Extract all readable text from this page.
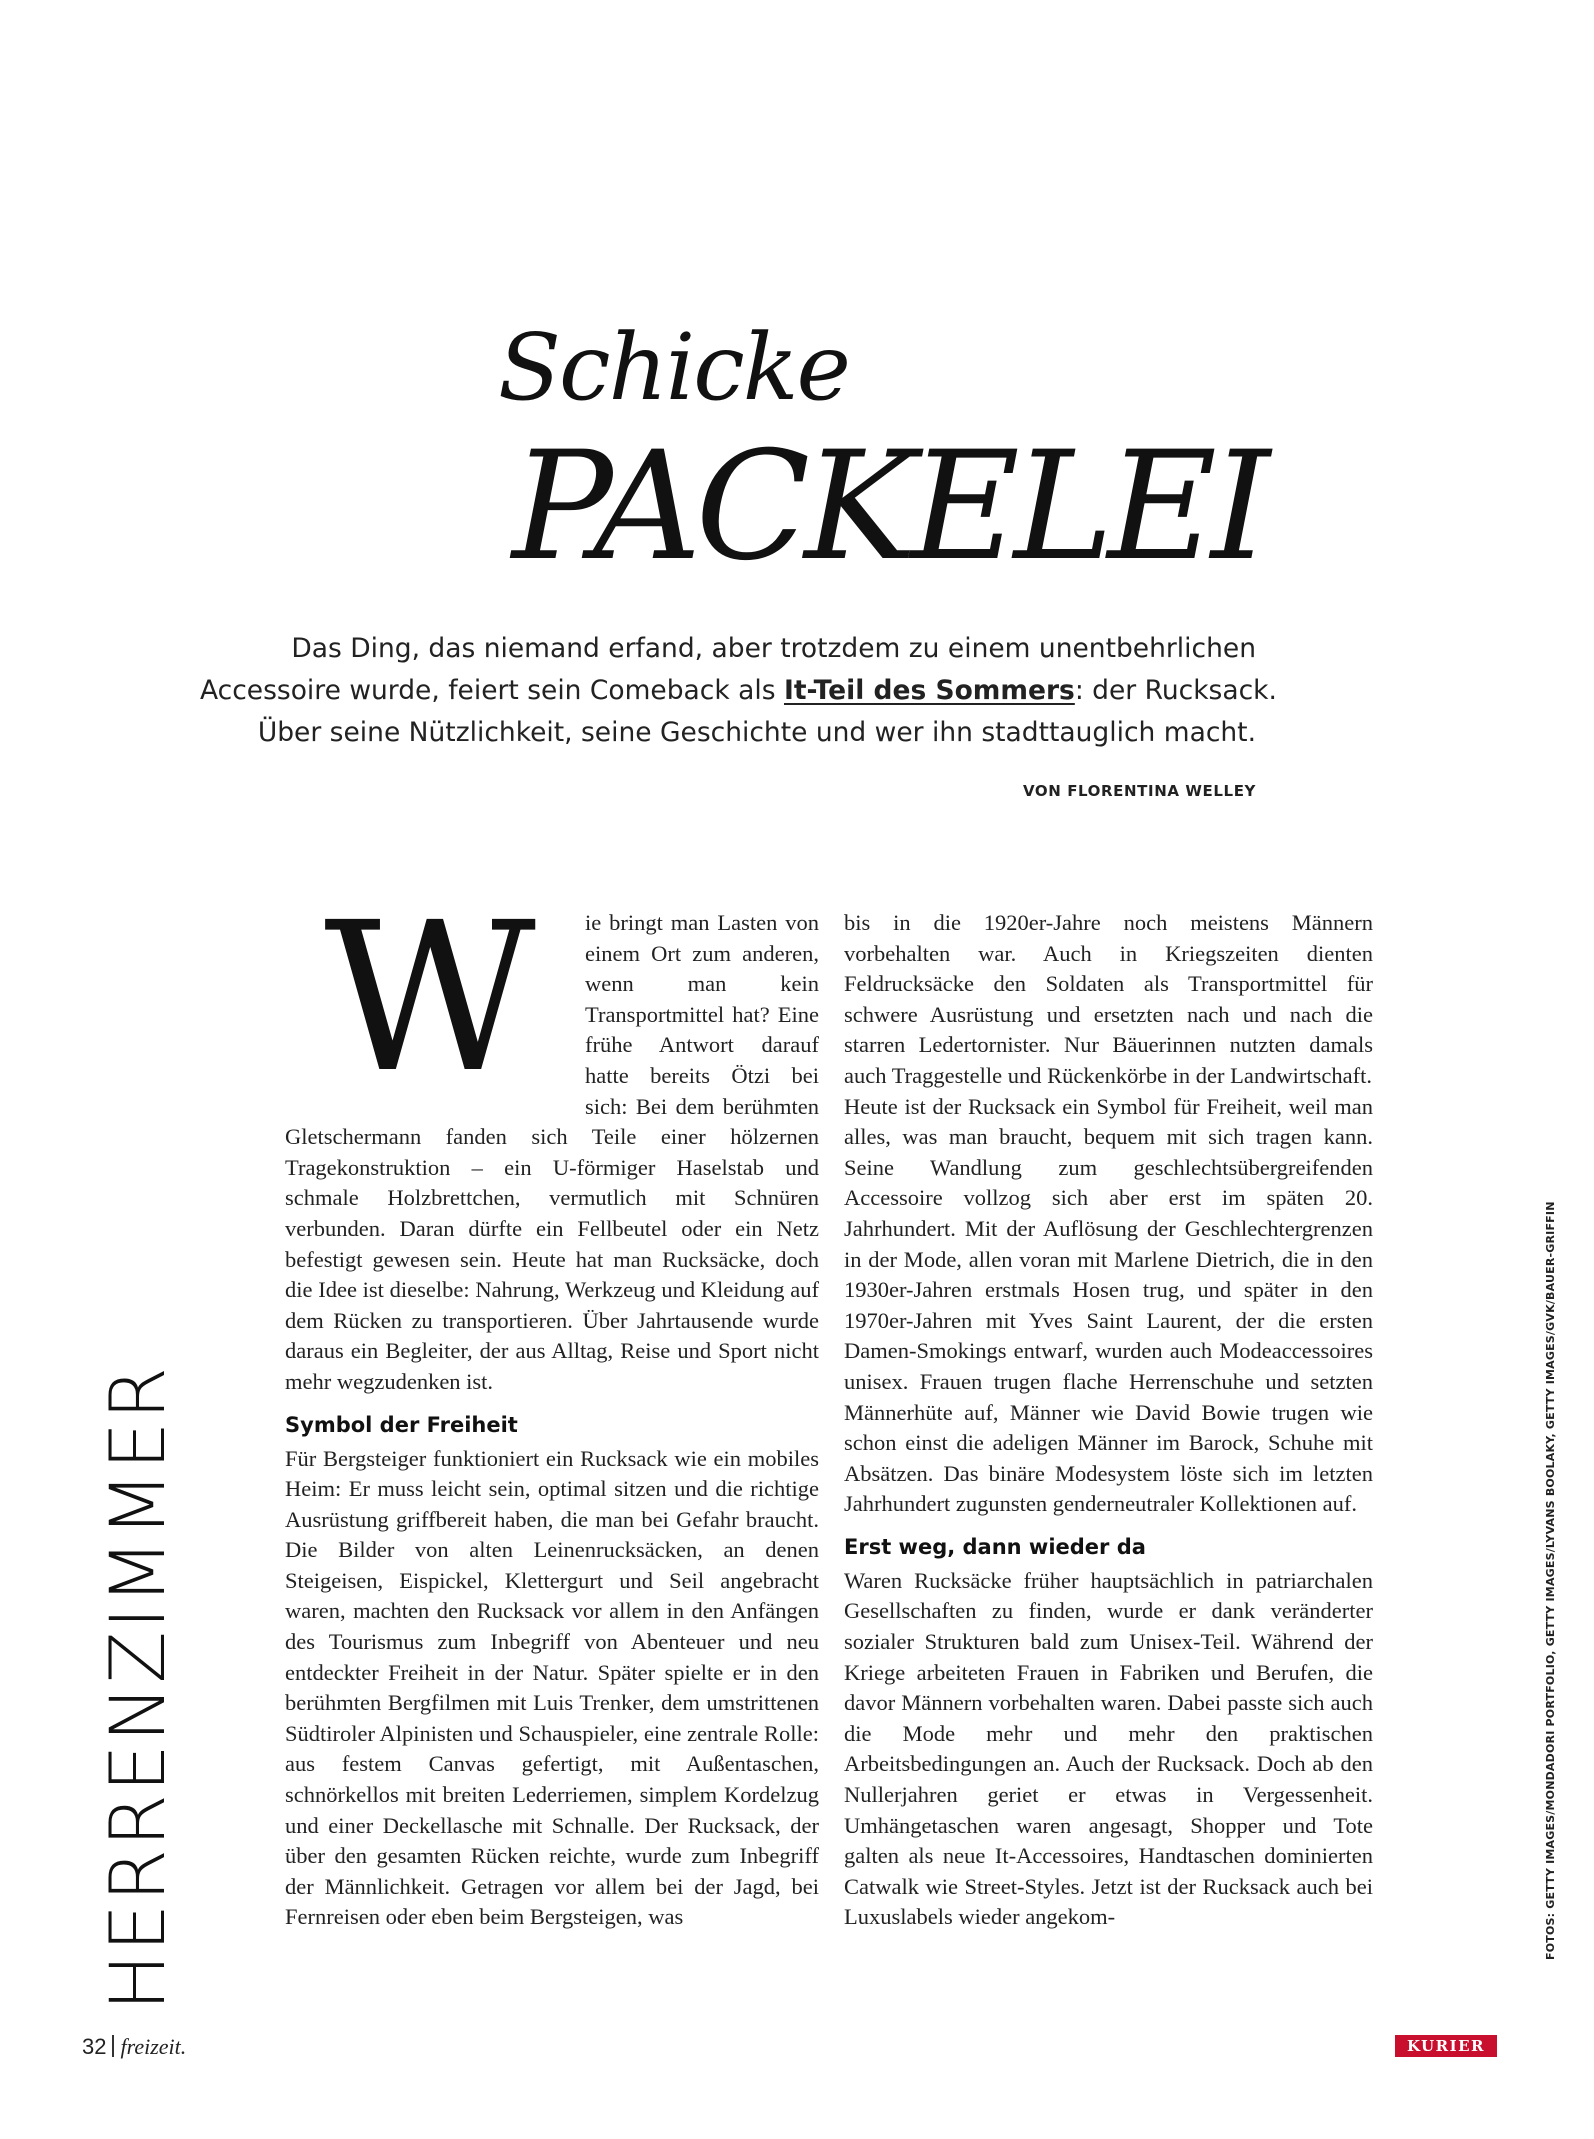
Schicke
PACKELEI
Das Ding, das niemand erfand, aber trotzdem zu einem unentbehrlichen
Accessoire wurde, feiert sein Comeback als It-Teil des Sommers: der Rucksack.
Über seine Nützlichkeit, seine Geschichte und wer ihn stadttauglich macht.
VON FLORENTINA WELLEY
HERRENZIMMER
W	ie bringt man Lasten von einem Ort zum anderen, wenn man kein Transportmittel hat? Eine frühe Antwort darauf hatte bereits Ötzi bei sich: Bei dem berühmten Gletschermann fanden sich Teile einer hölzernen Tragekonstruktion – ein U-förmiger Haselstab und schmale Holzbrettchen, vermutlich mit Schnüren verbunden. Daran dürfte ein Fellbeutel oder ein Netz befestigt gewesen sein. Heute hat man Rucksäcke, doch die Idee ist dieselbe: Nahrung, Werkzeug und Kleidung auf dem Rücken zu transportieren. Über Jahrtausende wurde daraus ein Begleiter, der aus Alltag, Reise und Sport nicht mehr wegzudenken ist.

Symbol der Freiheit

Für Bergsteiger funktioniert ein Rucksack wie ein mobiles Heim: Er muss leicht sein, optimal sitzen und die richtige Ausrüstung griffbereit haben, die man bei Gefahr braucht. Die Bilder von alten Leinenrucksäcken, an denen Steigeisen, Eispickel, Klettergurt und Seil angebracht waren, machten den Rucksack vor allem in den Anfängen des Tourismus zum Inbegriff von Abenteuer und neu entdeckter Freiheit in der Natur. Später spielte er in den berühmten Bergfilmen mit Luis Trenker, dem umstrittenen Südtiroler Alpinisten und Schauspieler, eine zentrale Rolle: aus festem Canvas gefertigt, mit Außentaschen, schnörkellos mit breiten Lederriemen, simplem Kordelzug und einer Deckellasche mit Schnalle. Der Rucksack, der über den gesamten Rücken reichte, wurde zum Inbegriff der Männlichkeit. Getragen vor allem bei der Jagd, bei Fernreisen oder eben beim Bergsteigen, was

bis in die 1920er-Jahre noch meistens Männern vorbehalten war. Auch in Kriegszeiten dienten Feldrucksäcke den Soldaten als Transportmittel für schwere Ausrüstung und ersetzten nach und nach die starren Ledertornister. Nur Bäuerinnen nutzten damals auch Traggestelle und Rückenkörbe in der Landwirtschaft.

Heute ist der Rucksack ein Symbol für Freiheit, weil man alles, was man braucht, bequem mit sich tragen kann. Seine Wandlung zum geschlechtsübergreifenden Accessoire vollzog sich aber erst im späten 20. Jahrhundert. Mit der Auflösung der Geschlechtergrenzen in der Mode, allen voran mit Marlene Dietrich, die in den 1930er-Jahren erstmals Hosen trug, und später in den 1970er-Jahren mit Yves Saint Laurent, der die ersten Damen-Smokings entwarf, wurden auch Modeaccessoires unisex. Frauen trugen flache Herrenschuhe und setzten Männerhüte auf, Männer wie David Bowie trugen wie schon einst die adeligen Männer im Barock, Schuhe mit Absätzen. Das binäre Modesystem löste sich im letzten Jahrhundert zugunsten genderneutraler Kollektionen auf.

Erst weg, dann wieder da

Waren Rucksäcke früher hauptsächlich in patriarchalen Gesellschaften zu finden, wurde er dank veränderter sozialer Strukturen bald zum Unisex-Teil. Während der Kriege arbeiteten Frauen in Fabriken und Berufen, die davor Männern vorbehalten waren. Dabei passte sich auch die Mode mehr und mehr den praktischen Arbeitsbedingungen an. Auch der Rucksack. Doch ab den Nullerjahren geriet er etwas in Vergessenheit. Umhängetaschen waren angesagt, Shopper und Tote galten als neue It-Accessoires, Handtaschen dominierten Catwalk wie Street-Styles. Jetzt ist der Rucksack auch bei Luxuslabels wieder angekom-	FOTOS: GETTY IMAGES/MONDADORI PORTFOLIO, GETTY IMAGES/LYVANS BOOLAKY, GETTY IMAGES/GVK/BAUER-GRIFFIN
32 freizeit.	KURIER
